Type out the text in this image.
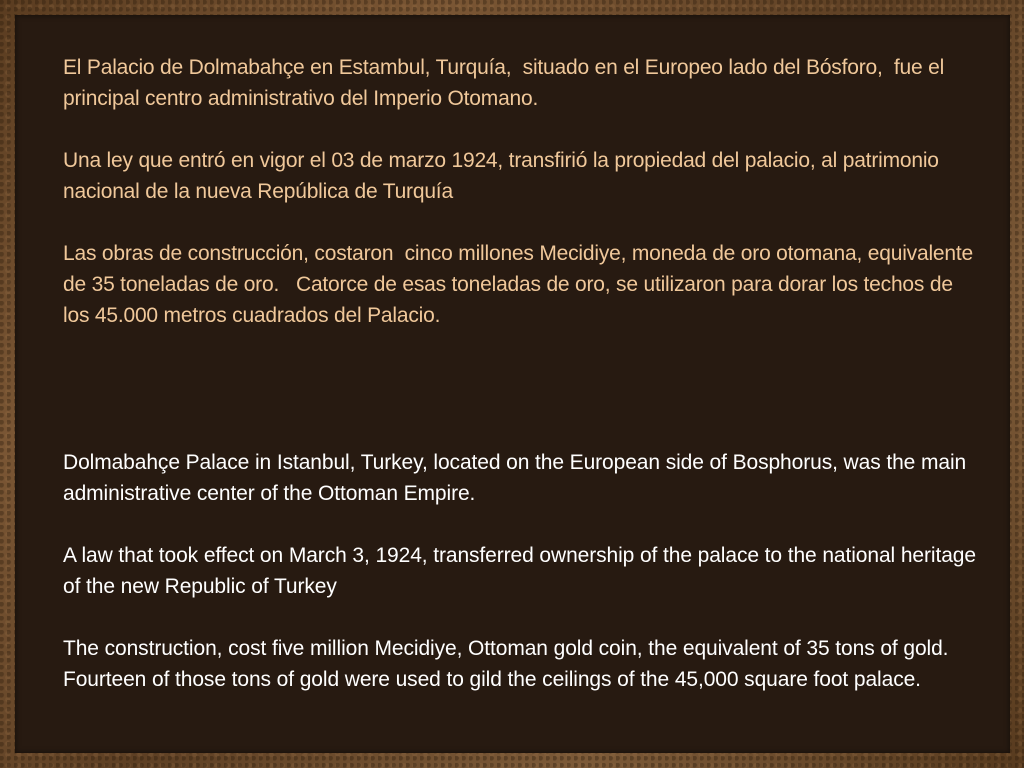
El Palacio de Dolmabahçe en Estambul, Turquía,  situado en el Europeo lado del Bósforo,  fue el principal centro administrativo del Imperio Otomano.

Una ley que entró en vigor el 03 de marzo 1924, transfirió la propiedad del palacio, al patrimonio nacional de la nueva República de Turquía

Las obras de construcción, costaron  cinco millones Mecidiye, moneda de oro otomana, equivalente de 35 toneladas de oro.   Catorce de esas toneladas de oro, se utilizaron para dorar los techos de los 45.000 metros cuadrados del Palacio.

Dolmabahçe Palace in Istanbul, Turkey, located on the European side of Bosphorus, was the main administrative center of the Ottoman Empire.

A law that took effect on March 3, 1924, transferred ownership of the palace to the national heritage of the new Republic of Turkey

The construction, cost five million Mecidiye, Ottoman gold coin, the equivalent of 35 tons of gold. Fourteen of those tons of gold were used to gild the ceilings of the 45,000 square foot palace.
